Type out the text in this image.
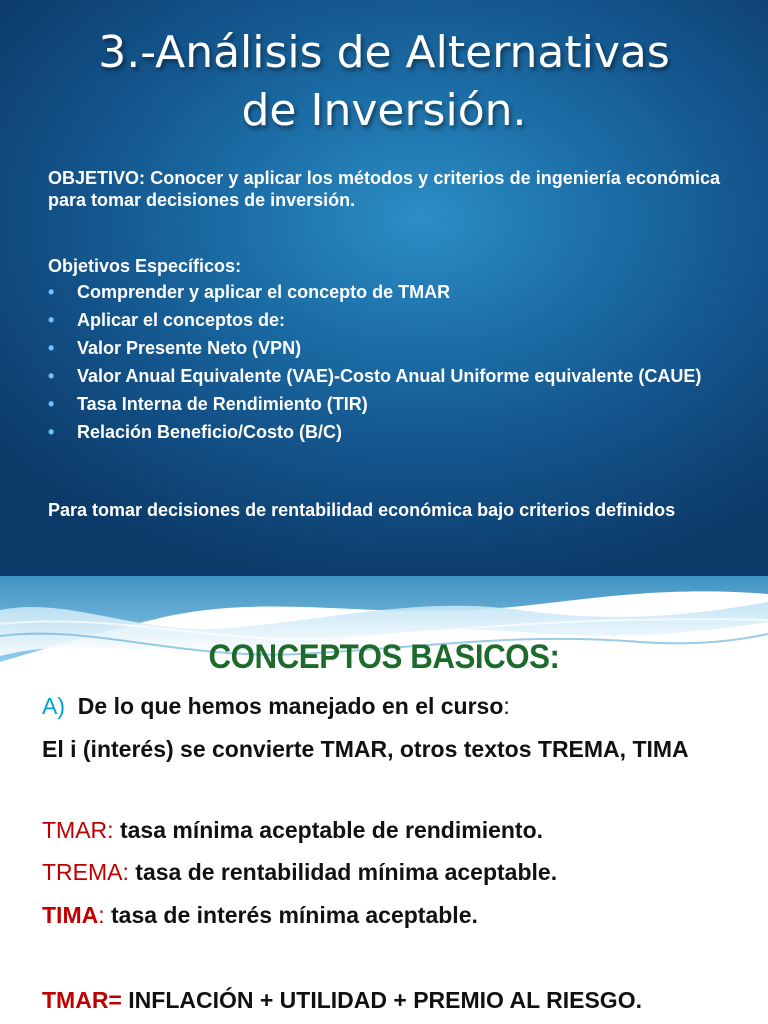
3.-Análisis de Alternativas
de Inversión.
OBJETIVO: Conocer y aplicar los métodos y criterios de ingeniería económica para tomar decisiones de inversión.
Objetivos Específicos:
• Comprender y aplicar el concepto de TMAR
• Aplicar el conceptos de:
• Valor Presente Neto (VPN)
• Valor Anual Equivalente (VAE)-Costo Anual Uniforme equivalente (CAUE)
• Tasa Interna de Rendimiento (TIR)
• Relación Beneficio/Costo (B/C)
Para tomar decisiones de rentabilidad económica bajo criterios definidos
CONCEPTOS BASICOS:
A) De lo que hemos manejado en el curso:
El i (interés) se convierte TMAR, otros textos TREMA, TIMA
TMAR: tasa mínima aceptable de rendimiento.
TREMA: tasa de rentabilidad mínima aceptable.
TIMA: tasa de interés mínima aceptable.
TMAR= INFLACIÓN + UTILIDAD + PREMIO AL RIESGO.
